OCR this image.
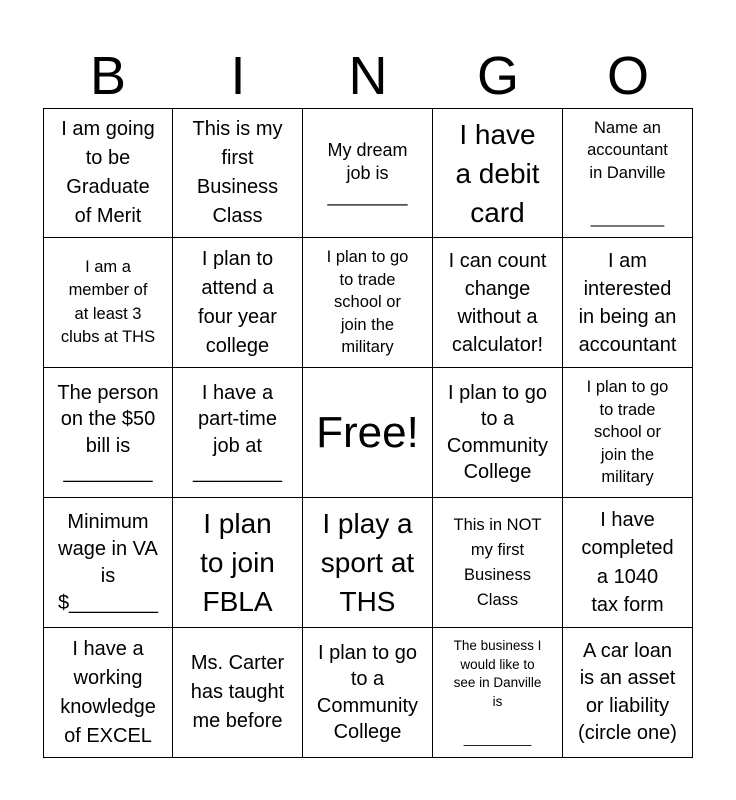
B	I	N	G	O
I am going
to be
Graduate
of Merit
This is my
first
Business
Class
My dream
job is
________
I have
a debit
card
Name an
accountant
in Danville

________
I am a
member of
at least 3
clubs at THS
I plan to
attend a
four year
college
I plan to go
to trade
school or
join the
military
I can count
change
without a
calculator!
I am
interested
in being an
accountant
The person
on the $50
bill is
________
I have a
part-time
job at
________
Free!
I plan to go
to a
Community
College
I plan to go
to trade
school or
join the
military
Minimum
wage in VA
is
$________
I plan
to join
FBLA
I play a
sport at
THS
This in NOT
my first
Business
Class
I have
completed
a 1040
tax form
I have a
working
knowledge
of EXCEL
Ms. Carter
has taught
me before
I plan to go
to a
Community
College
The business I
would like to
see in Danville
is

_________
A car loan
is an asset
or liability
(circle one)
